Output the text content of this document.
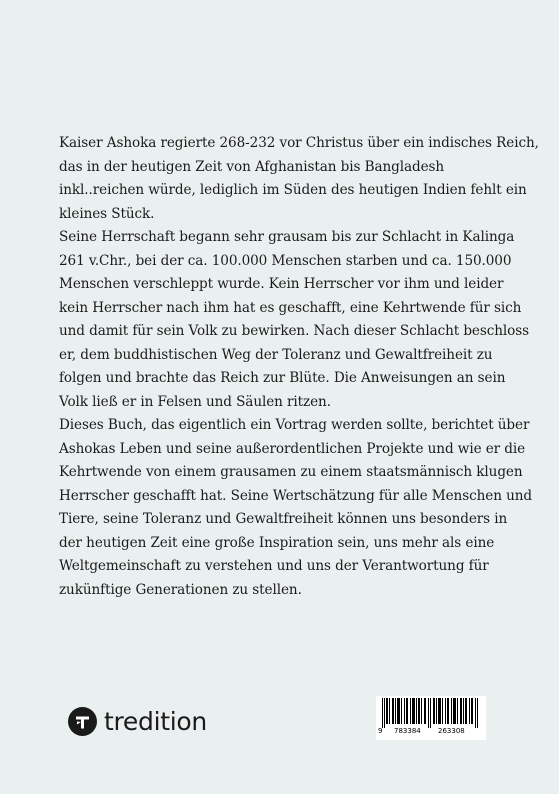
Kaiser Ashoka regierte 268-232 vor Christus über ein indisches Reich,

das in der heutigen Zeit von Afghanistan bis Bangladesh

inkl..reichen würde, lediglich im Süden des heutigen Indien fehlt ein

kleines Stück.

Seine Herrschaft begann sehr grausam bis zur Schlacht in Kalinga

261 v.Chr., bei der ca. 100.000 Menschen starben und ca. 150.000

Menschen verschleppt wurde. Kein Herrscher vor ihm und leider

kein Herrscher nach ihm hat es geschafft, eine Kehrtwende für sich

und damit für sein Volk zu bewirken. Nach dieser Schlacht beschloss

er, dem buddhistischen Weg der Toleranz und Gewaltfreiheit zu

folgen und brachte das Reich zur Blüte. Die Anweisungen an sein

Volk ließ er in Felsen und Säulen ritzen.

Dieses Buch, das eigentlich ein Vortrag werden sollte, berichtet über

Ashokas Leben und seine außerordentlichen Projekte und wie er die

Kehrtwende von einem grausamen zu einem staatsmännisch klugen

Herrscher geschafft hat. Seine Wertschätzung für alle Menschen und

Tiere, seine Toleranz und Gewaltfreiheit können uns besonders in

der heutigen Zeit eine große Inspiration sein, uns mehr als eine

Weltgemeinschaft zu verstehen und uns der Verantwortung für

zukünftige Generationen zu stellen.

tredition	9 783384 263308
